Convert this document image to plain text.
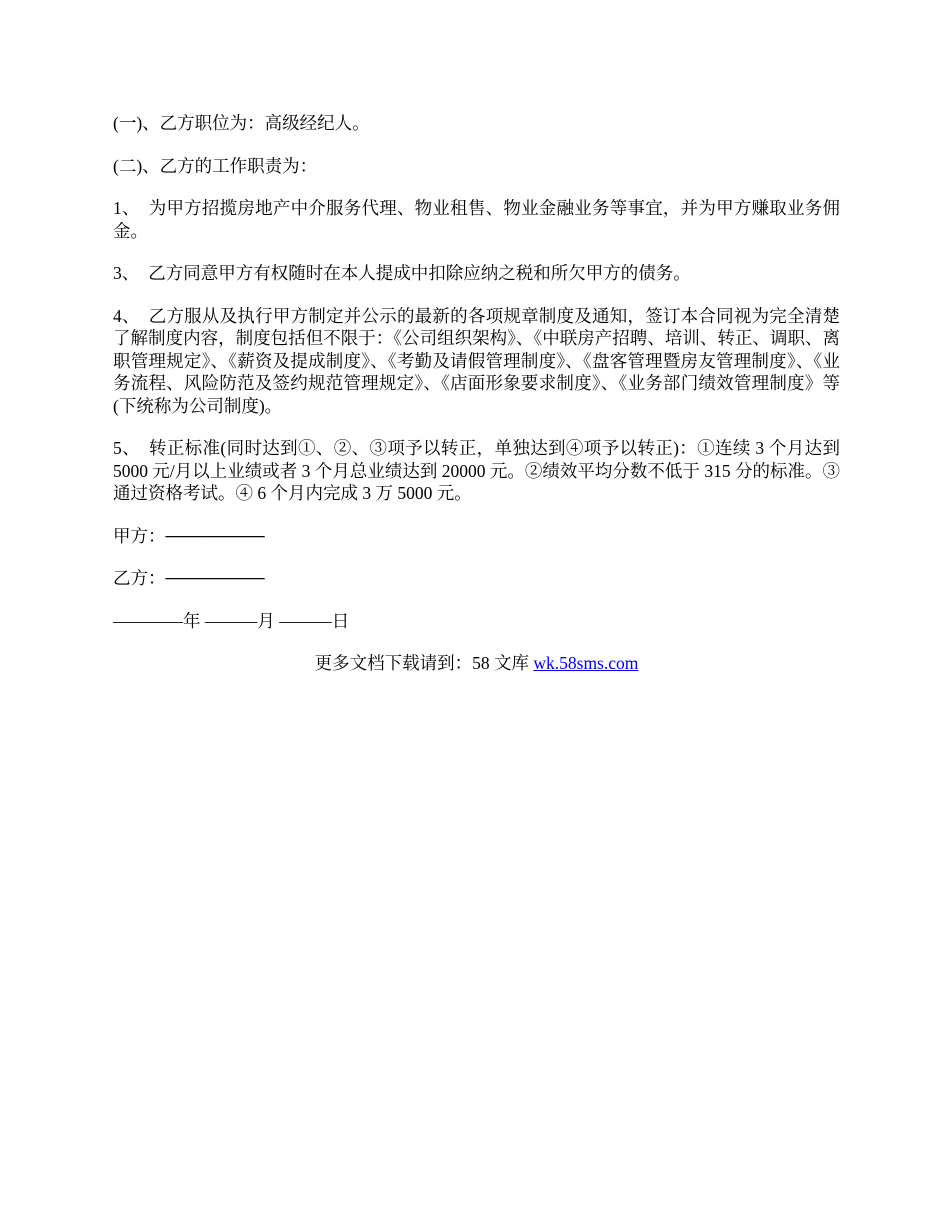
(一)、乙方职位为：高级经纪人。

(二)、乙方的工作职责为：

1、 为甲方招揽房地产中介服务代理、物业租售、物业金融业务等事宜，并为甲方赚取业务佣金。

3、 乙方同意甲方有权随时在本人提成中扣除应纳之税和所欠甲方的债务。

4、 乙方服从及执行甲方制定并公示的最新的各项规章制度及通知，签订本合同视为完全清楚了解制度内容，制度包括但不限于：《公司组织架构》、《中联房产招聘、培训、转正、调职、离职管理规定》、《薪资及提成制度》、《考勤及请假管理制度》、《盘客管理暨房友管理制度》、《业务流程、风险防范及签约规范管理规定》、《店面形象要求制度》、《业务部门绩效管理制度》等(下统称为公司制度)。

5、 转正标准(同时达到①、②、③项予以转正，单独达到④项予以转正)：①连续 3 个月达到 5000 元/月以上业绩或者 3 个月总业绩达到 20000 元。②绩效平均分数不低于 315 分的标准。③通过资格考试。④ 6 个月内完成 3 万 5000 元。

甲方：────────

乙方：────────

————年 ———月 ———日

更多文档下载请到：58 文库 wk.58sms.com
